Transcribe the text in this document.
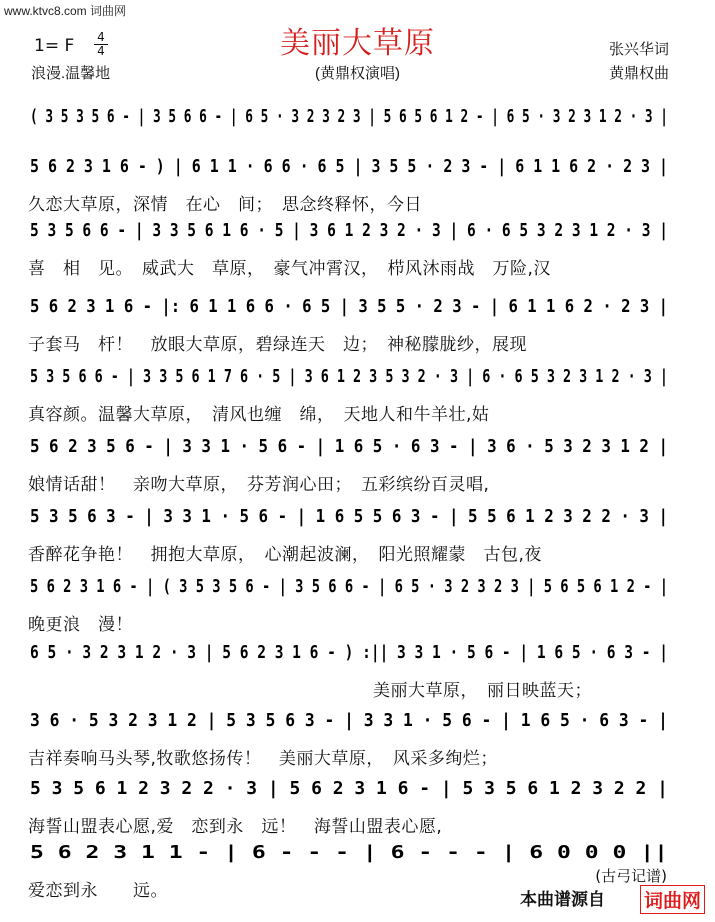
www.ktvc8.com 词曲网
美丽大草原
1= F	4
4
浪漫.温馨地	(黄鼎权演唱)
张兴华词
黄鼎权曲
( 3 5 3 5 6 - | 3 5 6 6 - | 6 5 · 3 2 3 2 3 | 5 6 5 6 1 2 - | 6 5 · 3 2 3 1 2 · 3 |
5 6 2 3 1 6 - ) | 6 1 1 · 6 6 · 6 5 | 3 5 5 · 2 3 - | 6 1 1 6 2 · 2 3 |
久恋大草原，深情　在心　间；　思念终释怀，今日
5 3 5 6 6 - | 3 3 5 6 1 6 · 5 | 3 6 1 2 3 2 · 3 | 6 · 6 5 3 2 3 1 2 · 3 |
喜　相　见。　威武大　草原，　豪气冲霄汉，　栉风沐雨战　万险,汉
5 6 2 3 1 6 - |: 6 1 1 6 6 · 6 5 | 3 5 5 · 2 3 - | 6 1 1 6 2 · 2 3 |
子套马　杆！　放眼大草原，碧绿连天　边；　神秘朦胧纱，展现
5 3 5 6 6 - | 3 3 5 6 1 7 6 · 5 | 3 6 1 2 3 5 3 2 · 3 | 6 · 6 5 3 2 3 1 2 · 3 |
真容颜。温馨大草原，　清风也缠　绵，　天地人和牛羊壮,姑
5 6 2 3 5 6 - | 3 3 1 · 5 6 - | 1 6 5 · 6 3 - | 3 6 · 5 3 2 3 1 2 |
娘情话甜！　亲吻大草原，　芬芳润心田；　五彩缤纷百灵唱,
5 3 5 6 3 - | 3 3 1 · 5 6 - | 1 6 5 5 6 3 - | 5 5 6 1 2 3 2 2 · 3 |
香醉花争艳！　拥抱大草原，　心潮起波澜，　阳光照耀蒙　古包,夜
5 6 2 3 1 6 - | ( 3 5 3 5 6 - | 3 5 6 6 - | 6 5 · 3 2 3 2 3 | 5 6 5 6 1 2 - |
晚更浪　漫！
6 5 · 3 2 3 1 2 · 3 | 5 6 2 3 1 6 - ) :|| 3 3 1 · 5 6 - | 1 6 5 · 6 3 - |
美丽大草原，　丽日映蓝天；
3 6 · 5 3 2 3 1 2 | 5 3 5 6 3 - | 3 3 1 · 5 6 - | 1 6 5 · 6 3 - |
吉祥奏响马头琴,牧歌悠扬传！　美丽大草原，　风采多绚烂；
5 3 5 6 1 2 3 2 2 · 3 | 5 6 2 3 1 6 - | 5 3 5 6 1 2 3 2 2 |
海誓山盟表心愿,爱　恋到永　远！　海誓山盟表心愿,
5 6 2 3 1 1 - | 6 - - - | 6 - - - | 6 0 0 0 ||
爱恋到永　　远。
(古弓记谱)
本曲谱源自 词曲网
